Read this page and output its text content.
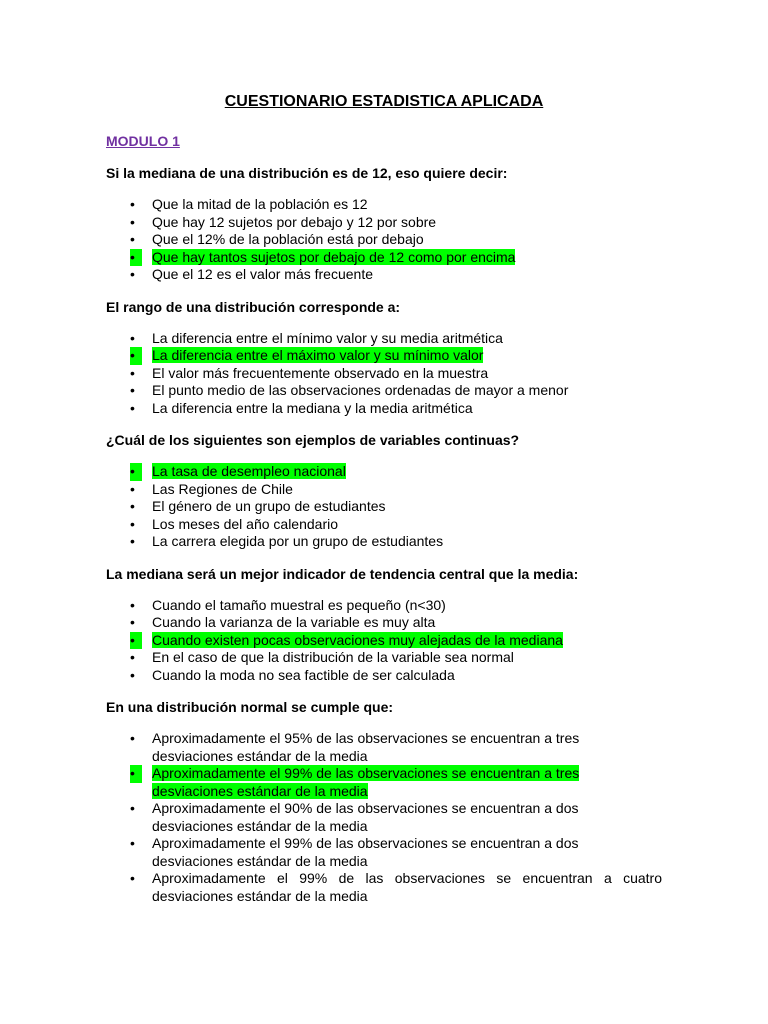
CUESTIONARIO ESTADISTICA APLICADA
MODULO 1
Si la mediana de una distribución es de 12, eso quiere decir:
•	Que la mitad de la población es 12
•	Que hay 12 sujetos por debajo y 12 por sobre
•	Que el 12% de la población está por debajo
•	Que hay tantos sujetos por debajo de 12 como por encima
•	Que el 12 es el valor más frecuente
El rango de una distribución corresponde a:
•	La diferencia entre el mínimo valor y su media aritmética
•	La diferencia entre el máximo valor y su mínimo valor
•	El valor más frecuentemente observado en la muestra
•	El punto medio de las observaciones ordenadas de mayor a menor
•	La diferencia entre la mediana y la media aritmética
¿Cuál de los siguientes son ejemplos de variables continuas?
•	La tasa de desempleo nacional
•	Las Regiones de Chile
•	El género de un grupo de estudiantes
•	Los meses del año calendario
•	La carrera elegida por un grupo de estudiantes
La mediana será un mejor indicador de tendencia central que la media:
•	Cuando el tamaño muestral es pequeño (n<30)
•	Cuando la varianza de la variable es muy alta
•	Cuando existen pocas observaciones muy alejadas de la mediana
•	En el caso de que la distribución de la variable sea normal
•	Cuando la moda no sea factible de ser calculada
En una distribución normal se cumple que:
•	Aproximadamente el 95% de las observaciones se encuentran a tres desviaciones estándar de la media
•	Aproximadamente el 99% de las observaciones se encuentran a tres desviaciones estándar de la media
•	Aproximadamente el 90% de las observaciones se encuentran a dos desviaciones estándar de la media
•	Aproximadamente el 99% de las observaciones se encuentran a dos desviaciones estándar de la media
•	Aproximadamente el 99% de las observaciones se encuentran a cuatro desviaciones estándar de la media
